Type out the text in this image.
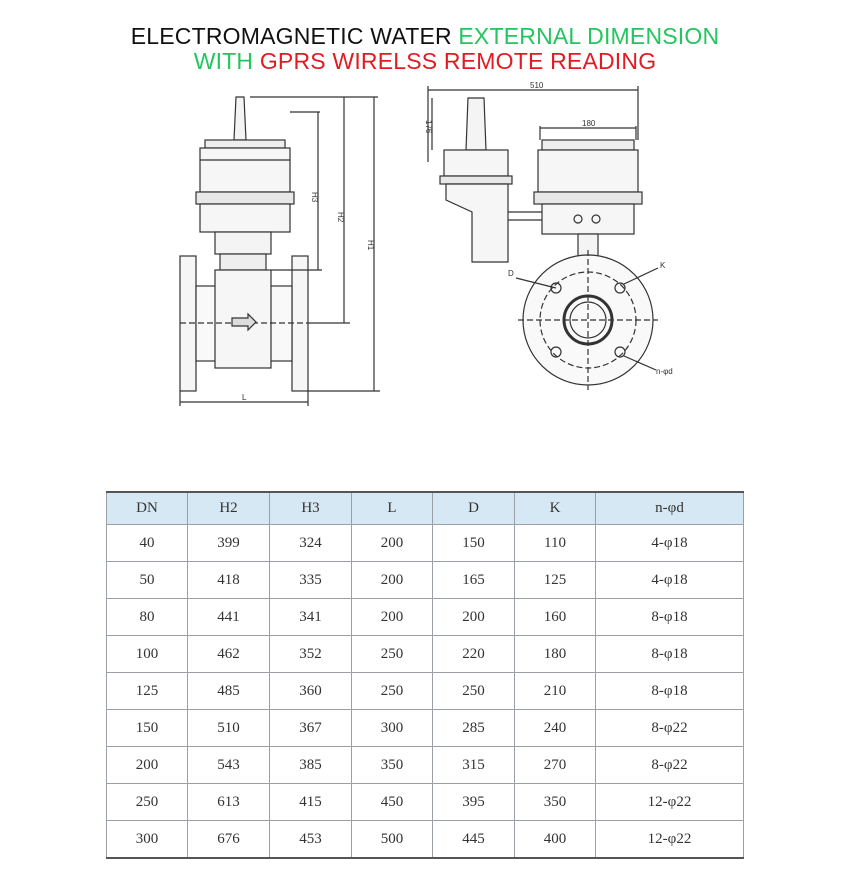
ELECTROMAGNETIC WATER EXTERNAL DIMENSION
WITH GPRS WIRELSS REMOTE READING
L
H3
H2
H1
510
180
176
D
K
n-φd
DN	H2	H3	L	D	K	n-φd
40	399	324	200	150	110	4-φ18
50	418	335	200	165	125	4-φ18
80	441	341	200	200	160	8-φ18
100	462	352	250	220	180	8-φ18
125	485	360	250	250	210	8-φ18
150	510	367	300	285	240	8-φ22
200	543	385	350	315	270	8-φ22
250	613	415	450	395	350	12-φ22
300	676	453	500	445	400	12-φ22
